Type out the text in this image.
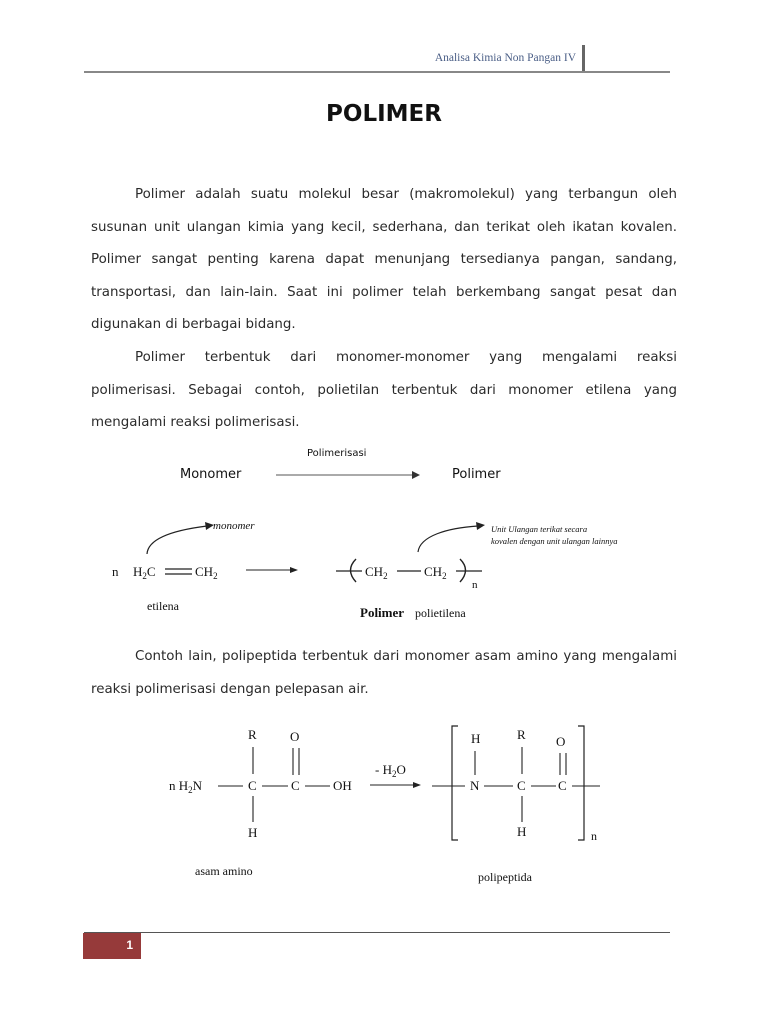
Analisa Kimia Non Pangan IV
POLIMER
Polimer adalah suatu molekul besar (makromolekul) yang terbangun oleh
susunan unit ulangan kimia yang kecil, sederhana, dan terikat oleh ikatan kovalen.
Polimer sangat penting karena dapat menunjang tersedianya pangan, sandang,
transportasi, dan lain-lain. Saat ini polimer telah berkembang sangat pesat dan
digunakan di berbagai bidang.
Polimer terbentuk dari monomer-monomer yang mengalami reaksi
polimerisasi. Sebagai contoh, polietilan terbentuk dari monomer etilena yang
mengalami reaksi polimerisasi.
Polimerisasi
Monomer	Polimer
monomer
n $H_2C$	$CH_2$
etilena
$CH_2$	$CH_2$
n
Unit Ulangan terikat secara
kovalen dengan unit ulangan lainnya
Polimer polietilena
Contoh lain, polipeptida terbentuk dari monomer asam amino yang mengalami
reaksi polimerisasi dengan pelepasan air.
n $H_2N$	C
R
H
C
O
OH
asam amino
- $H_2O$
N
H
C
R
H
C
O
n
polipeptida
1
